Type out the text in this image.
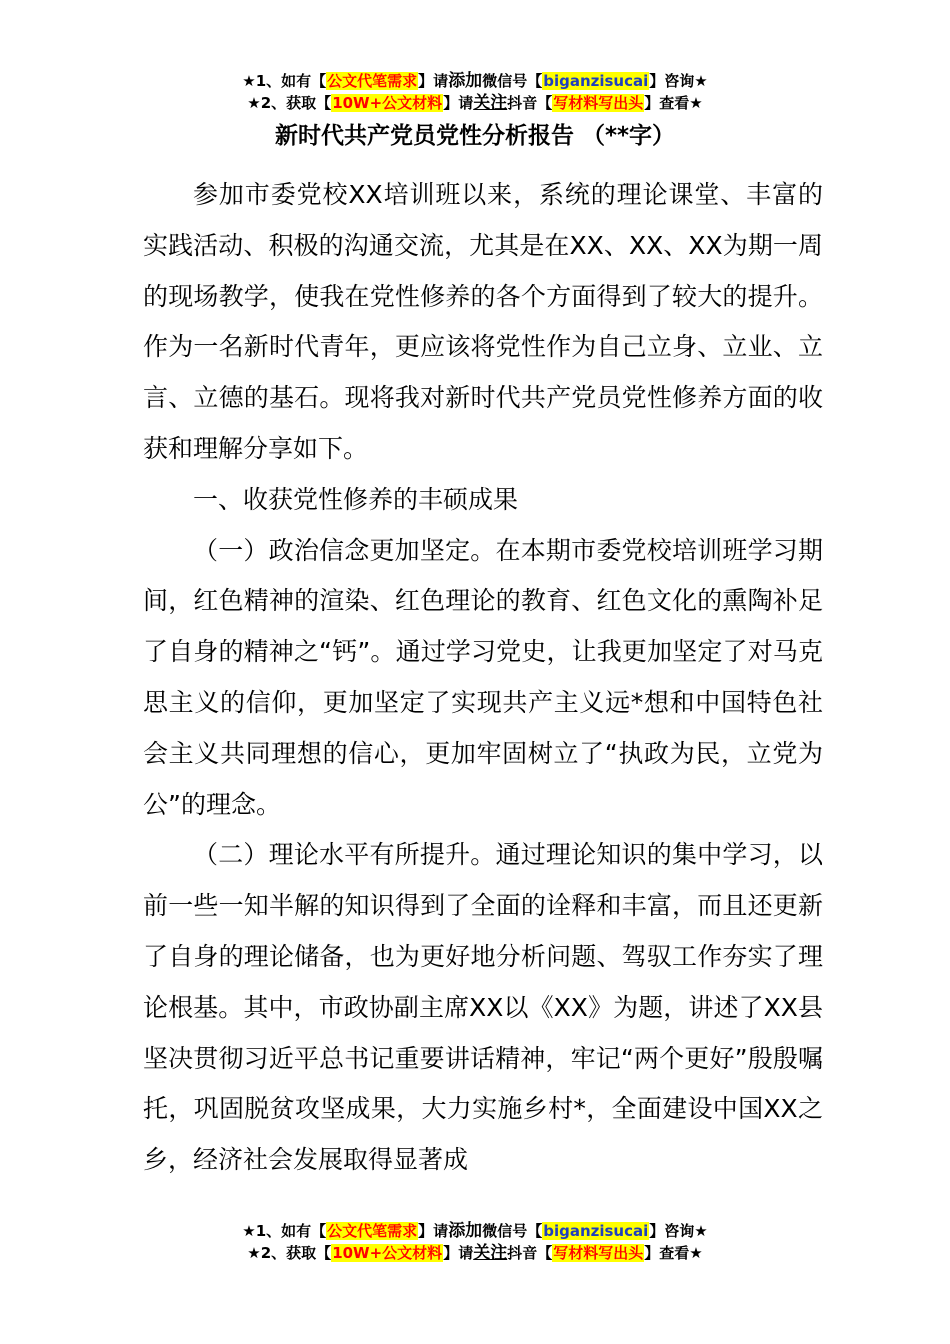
★1、如有【公文代笔需求】请添加微信号【biganzisucai】咨询★
★2、获取【10W+公文材料】请关注抖音【写材料写出头】查看★
新时代共产党员党性分析报告 （**字）

参加市委党校XX培训班以来，系统的理论课堂、丰富的实践活动、积极的沟通交流，尤其是在XX、XX、XX为期一周的现场教学，使我在党性修养的各个方面得到了较大的提升。作为一名新时代青年，更应该将党性作为自己立身、立业、立言、立德的基石。现将我对新时代共产党员党性修养方面的收获和理解分享如下。

一、收获党性修养的丰硕成果

（一）政治信念更加坚定。在本期市委党校培训班学习期间，红色精神的渲染、红色理论的教育、红色文化的熏陶补足了自身的精神之“钙”。通过学习党史，让我更加坚定了对马克思主义的信仰，更加坚定了实现共产主义远*想和中国特色社会主义共同理想的信心，更加牢固树立了“执政为民，立党为公”的理念。

（二）理论水平有所提升。通过理论知识的集中学习，以前一些一知半解的知识得到了全面的诠释和丰富，而且还更新了自身的理论储备，也为更好地分析问题、驾驭工作夯实了理论根基。其中，市政协副主席XX以《XX》为题，讲述了XX县坚决贯彻习近平总书记重要讲话精神，牢记“两个更好”殷殷嘱托，巩固脱贫攻坚成果，大力实施乡村*，全面建设中国XX之乡，经济社会发展取得显著成

★1、如有【公文代笔需求】请添加微信号【biganzisucai】咨询★
★2、获取【10W+公文材料】请关注抖音【写材料写出头】查看★
